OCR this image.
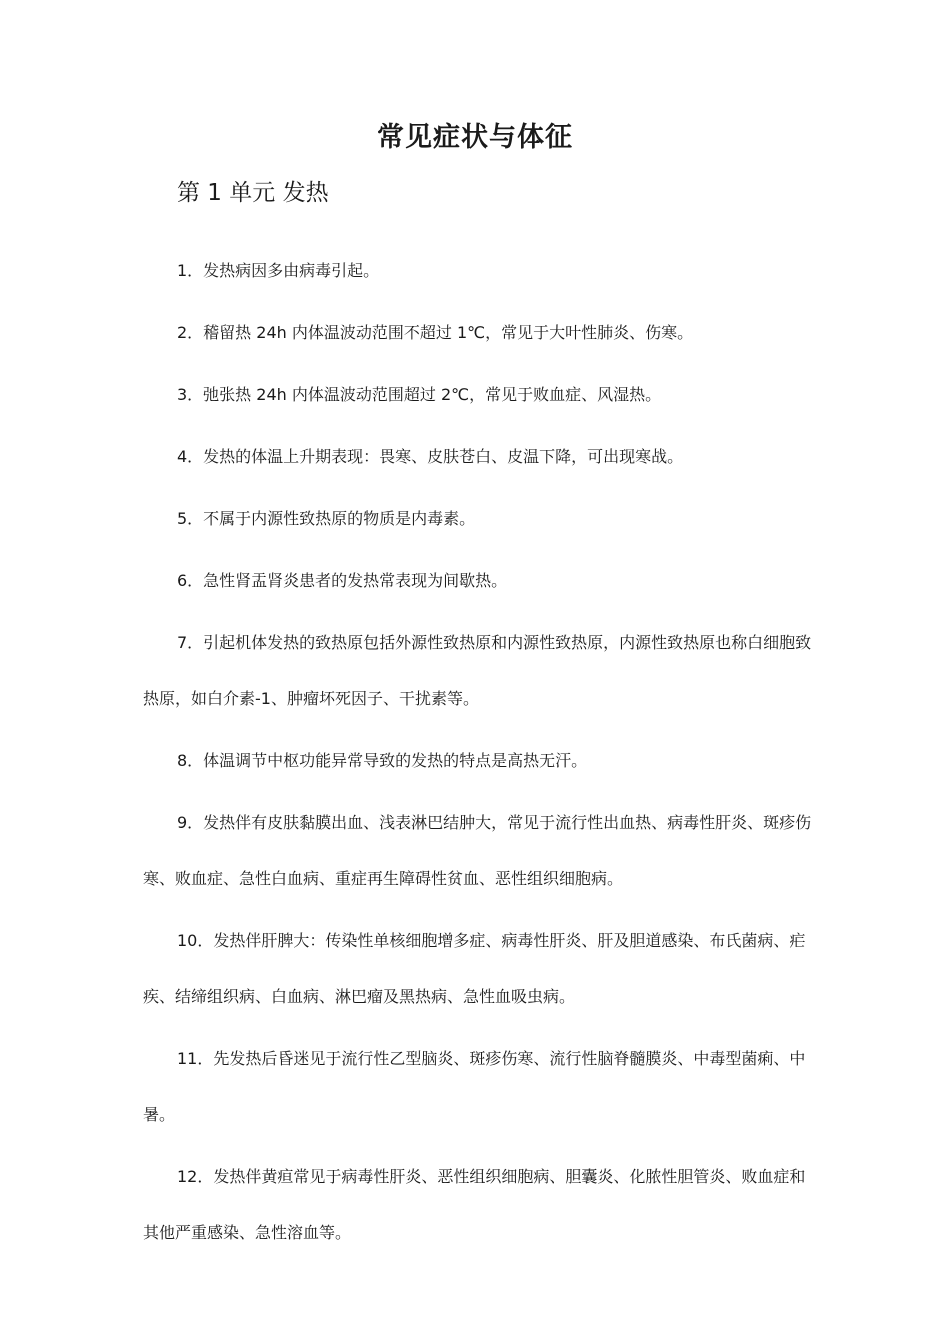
常见症状与体征
第 1 单元 发热
1．发热病因多由病毒引起。
2．稽留热 24h 内体温波动范围不超过 1℃，常见于大叶性肺炎、伤寒。
3．弛张热 24h 内体温波动范围超过 2℃，常见于败血症、风湿热。
4．发热的体温上升期表现：畏寒、皮肤苍白、皮温下降，可出现寒战。
5．不属于内源性致热原的物质是内毒素。
6．急性肾盂肾炎患者的发热常表现为间歇热。
7．引起机体发热的致热原包括外源性致热原和内源性致热原，内源性致热原也称白细胞致热原，如白介素-1、肿瘤坏死因子、干扰素等。
8．体温调节中枢功能异常导致的发热的特点是高热无汗。
9．发热伴有皮肤黏膜出血、浅表淋巴结肿大，常见于流行性出血热、病毒性肝炎、斑疹伤寒、败血症、急性白血病、重症再生障碍性贫血、恶性组织细胞病。
10．发热伴肝脾大：传染性单核细胞增多症、病毒性肝炎、肝及胆道感染、布氏菌病、疟疾、结缔组织病、白血病、淋巴瘤及黑热病、急性血吸虫病。
11．先发热后昏迷见于流行性乙型脑炎、斑疹伤寒、流行性脑脊髓膜炎、中毒型菌痢、中暑。
12．发热伴黄疸常见于病毒性肝炎、恶性组织细胞病、胆囊炎、化脓性胆管炎、败血症和其他严重感染、急性溶血等。
